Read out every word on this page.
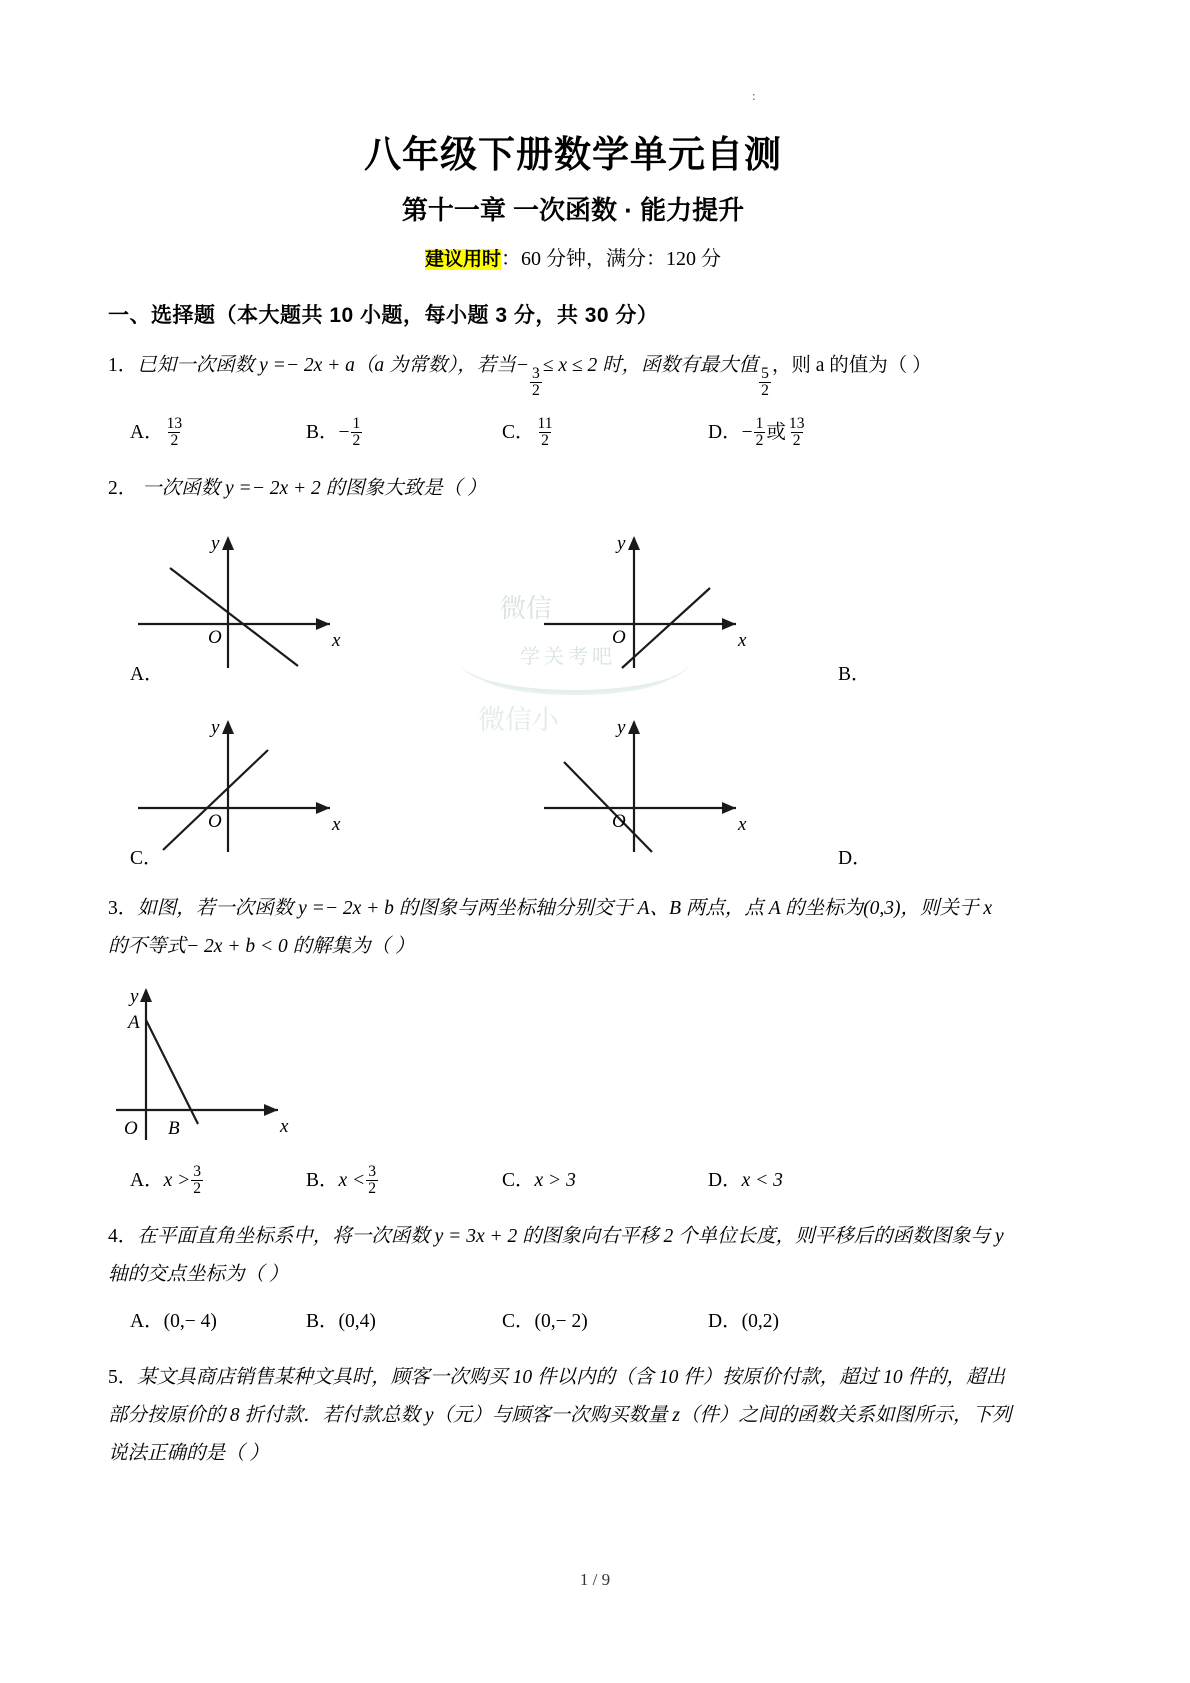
:
微信
学关考吧
微信小
八年级下册数学单元自测
第十一章 一次函数 · 能力提升

建议用时：60 分钟，满分：120 分

一、选择题（本大题共 10 小题，每小题 3 分，共 30 分）

1．已知一次函数 y =− 2x + a（a 为常数），若当−
$\frac{3}{2}$
≤ x ≤ 2 时，函数有最大值
$\frac{5}{2}$
，则 a 的值为（ ）

A． $\frac{13}{2}$	B． − $\frac{1}{2}$	C． $\frac{11}{2}$	D． − $\frac{1}{2}$ 或 $\frac{13}{2}$

2． 一次函数 y =− 2x + 2 的图象大致是（ ）

y
x
O
A．
y
x
O
B．
y
x
O
C．
y
x
O
D．

3．如图，若一次函数 y =− 2x + b 的图象与两坐标轴分别交于 A、B 两点，点 A 的坐标为(0,3)，则关于 x
的不等式− 2x + b < 0 的解集为（ ）

y
x
O
A
B
A． $x > \frac{3}{2}$	B． $x < \frac{3}{2}$	C． x > 3	D． x < 3

4．在平面直角坐标系中，将一次函数 y = 3x + 2 的图象向右平移 2 个单位长度，则平移后的函数图象与 y
轴的交点坐标为（ ）

A． (0,− 4)	B． (0,4)	C． (0,− 2)	D． (0,2)

5．某文具商店销售某种文具时，顾客一次购买 10 件以内的（含 10 件）按原价付款，超过 10 件的，超出
部分按原价的 8 折付款．若付款总数 y（元）与顾客一次购买数量 z（件）之间的函数关系如图所示，下列
说法正确的是（ ）

1 / 9
